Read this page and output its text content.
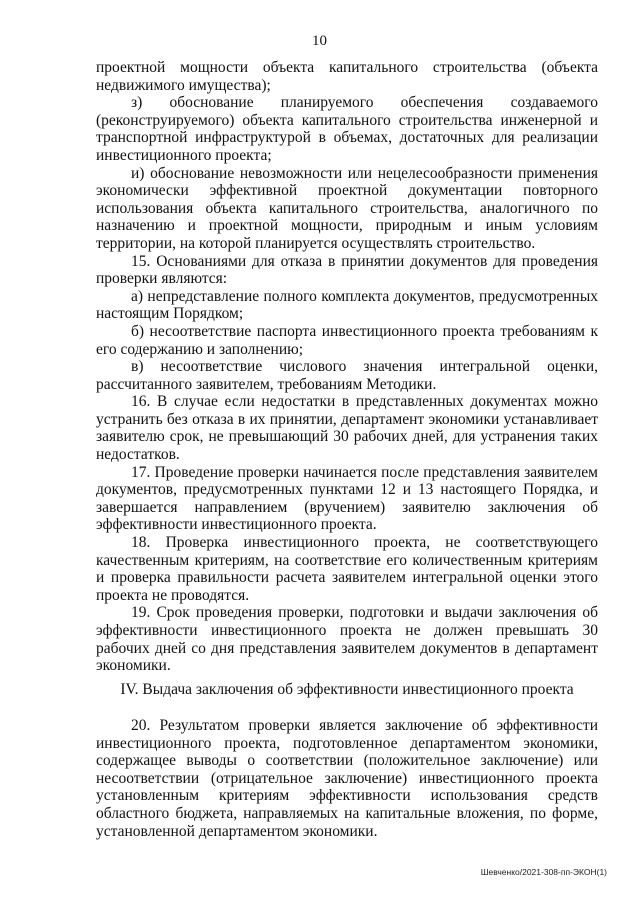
10

проектной мощности объекта капитального строительства (объекта недвижимого имущества);

з) обоснование планируемого обеспечения создаваемого (реконструируемого) объекта капитального строительства инженерной и транспортной инфраструктурой в объемах, достаточных для реализации инвестиционного проекта;

и) обоснование невозможности или нецелесообразности применения экономически эффективной проектной документации повторного использования объекта капитального строительства, аналогичного по назначению и проектной мощности, природным и иным условиям территории, на которой планируется осуществлять строительство.

15. Основаниями для отказа в принятии документов для проведения проверки являются:

а) непредставление полного комплекта документов, предусмотренных настоящим Порядком;

б) несоответствие паспорта инвестиционного проекта требованиям к его содержанию и заполнению;

в) несоответствие числового значения интегральной оценки, рассчитанного заявителем, требованиям Методики.

16. В случае если недостатки в представленных документах можно устранить без отказа в их принятии, департамент экономики устанавливает заявителю срок, не превышающий 30 рабочих дней, для устранения таких недостатков.

17. Проведение проверки начинается после представления заявителем документов, предусмотренных пунктами 12 и 13 настоящего Порядка, и завершается направлением (вручением) заявителю заключения об эффективности инвестиционного проекта.

18. Проверка инвестиционного проекта, не соответствующего качественным критериям, на соответствие его количественным критериям и проверка правильности расчета заявителем интегральной оценки этого проекта не проводятся.

19. Срок проведения проверки, подготовки и выдачи заключения об эффективности инвестиционного проекта не должен превышать 30 рабочих дней со дня представления заявителем документов в департамент экономики.

IV. Выдача заключения об эффективности инвестиционного проекта

20. Результатом проверки является заключение об эффективности инвестиционного проекта, подготовленное департаментом экономики, содержащее выводы о соответствии (положительное заключение) или несоответствии (отрицательное заключение) инвестиционного проекта установленным критериям эффективности использования средств областного бюджета, направляемых на капитальные вложения, по форме, установленной департаментом экономики.

Шевченко/2021-308-пп-ЭКОН(1)
